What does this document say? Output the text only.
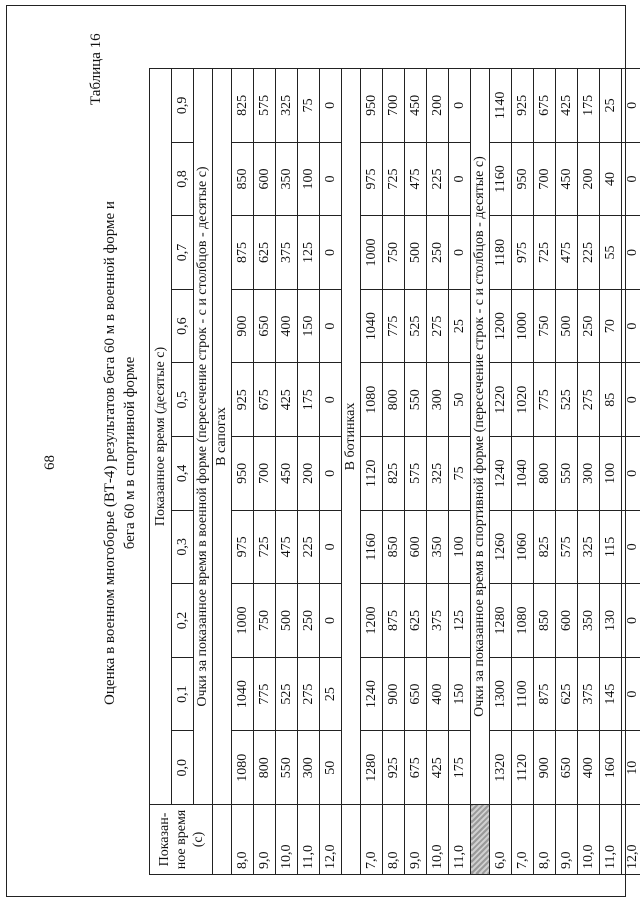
68
Таблица 16
Оценка в военном многоборье (ВТ-4) результатов бега 60 м в военной форме и бега 60 м в спортивной форме
Показан-ное время (с)	Показанное время (десятые с)									
	0,0	0,1	0,2	0,3	0,4	0,5	0,6	0,7	0,8	0,9
	Очки за показанное время в военной форме (пересечение строк - с и столбцов - десятые с)									
	В сапогах									
8,0	1080	1040	1000	975	950	925	900	875	850	825
9,0	800	775	750	725	700	675	650	625	600	575
10,0	550	525	500	475	450	425	400	375	350	325
11,0	300	275	250	225	200	175	150	125	100	75
12,0	50	25	0	0	0	0	0	0	0	0
	В ботинках									
7,0	1280	1240	1200	1160	1120	1080	1040	1000	975	950
8,0	925	900	875	850	825	800	775	750	725	700
9,0	675	650	625	600	575	550	525	500	475	450
10,0	425	400	375	350	325	300	275	250	225	200
11,0	175	150	125	100	75	50	25	0	0	0
	Очки за показанное время в спортивной форме (пересечение строк - с и столбцов - десятые с)									
6,0	1320	1300	1280	1260	1240	1220	1200	1180	1160	1140
7,0	1120	1100	1080	1060	1040	1020	1000	975	950	925
8,0	900	875	850	825	800	775	750	725	700	675
9,0	650	625	600	575	550	525	500	475	450	425
10,0	400	375	350	325	300	275	250	225	200	175
11,0	160	145	130	115	100	85	70	55	40	25
12,0	10	0	0	0	0	0	0	0	0	0
